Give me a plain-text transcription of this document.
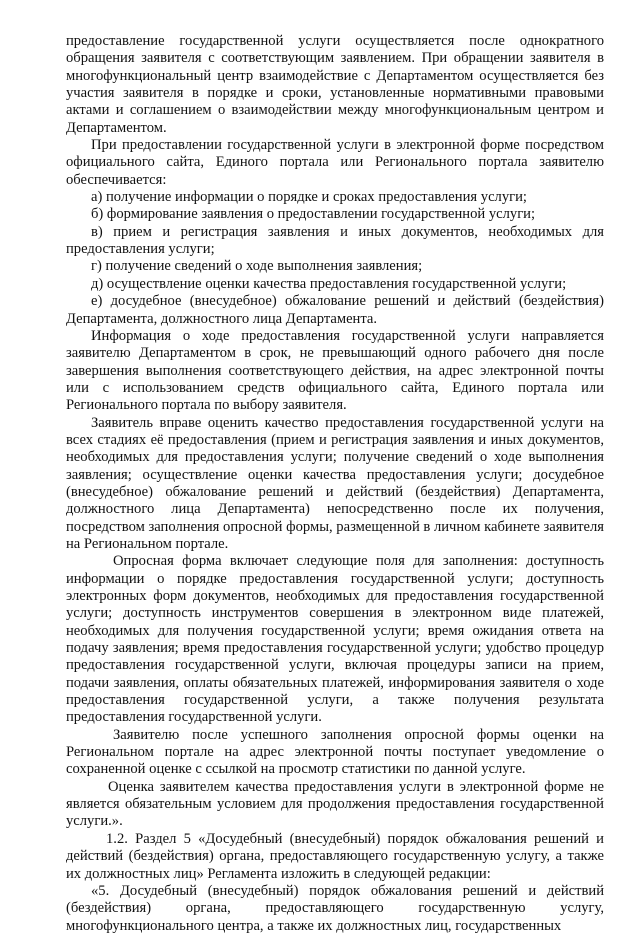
предоставление государственной услуги осуществляется после однократного обращения заявителя с соответствующим заявлением. При обращении заявителя в многофункциональный центр взаимодействие с Департаментом осуществляется без участия заявителя в порядке и сроки, установленные нормативными правовыми актами и соглашением о взаимодействии между многофункциональным центром и Департаментом.

При предоставлении государственной услуги в электронной форме посредством официального сайта, Единого портала или Регионального портала заявителю обеспечивается:

а) получение информации о порядке и сроках предоставления услуги;

б) формирование заявления о предоставлении государственной услуги;

в) прием и регистрация заявления и иных документов, необходимых для предоставления услуги;

г) получение сведений о ходе выполнения заявления;

д) осуществление оценки качества предоставления государственной услуги;

е) досудебное (внесудебное) обжалование решений и действий (бездействия) Департамента, должностного лица Департамента.

Информация о ходе предоставления государственной услуги направляется заявителю Департаментом в срок, не превышающий одного рабочего дня после завершения выполнения соответствующего действия, на адрес электронной почты или с использованием средств официального сайта, Единого портала или Регионального портала по выбору заявителя.

Заявитель вправе оценить качество предоставления государственной услуги на всех стадиях её предоставления (прием и регистрация заявления и иных документов, необходимых для предоставления услуги; получение сведений о ходе выполнения заявления; осуществление оценки качества предоставления услуги; досудебное (внесудебное) обжалование решений и действий (бездействия) Департамента, должностного лица Департамента) непосредственно после их получения, посредством заполнения опросной формы, размещенной в личном кабинете заявителя на Региональном портале.

Опросная форма включает следующие поля для заполнения: доступность информации о порядке предоставления государственной услуги; доступность электронных форм документов, необходимых для предоставления государственной услуги; доступность инструментов совершения в электронном виде платежей, необходимых для получения государственной услуги; время ожидания ответа на подачу заявления; время предоставления государственной услуги; удобство процедур предоставления государственной услуги, включая процедуры записи на прием, подачи заявления, оплаты обязательных платежей, информирования заявителя о ходе предоставления государственной услуги, а также получения результата предоставления государственной услуги.

Заявителю после успешного заполнения опросной формы оценки на Региональном портале на адрес электронной почты поступает уведомление о сохраненной оценке с ссылкой на просмотр статистики по данной услуге.

Оценка заявителем качества предоставления услуги в электронной форме не является обязательным условием для продолжения предоставления государственной услуги.».

1.2. Раздел 5 «Досудебный (внесудебный) порядок обжалования решений и действий (бездействия) органа, предоставляющего государственную услугу, а также их должностных лиц» Регламента изложить в следующей редакции:

«5. Досудебный (внесудебный) порядок обжалования решений и действий (бездействия) органа, предоставляющего государственную услугу, многофункционального центра, а также их должностных лиц, государственных
